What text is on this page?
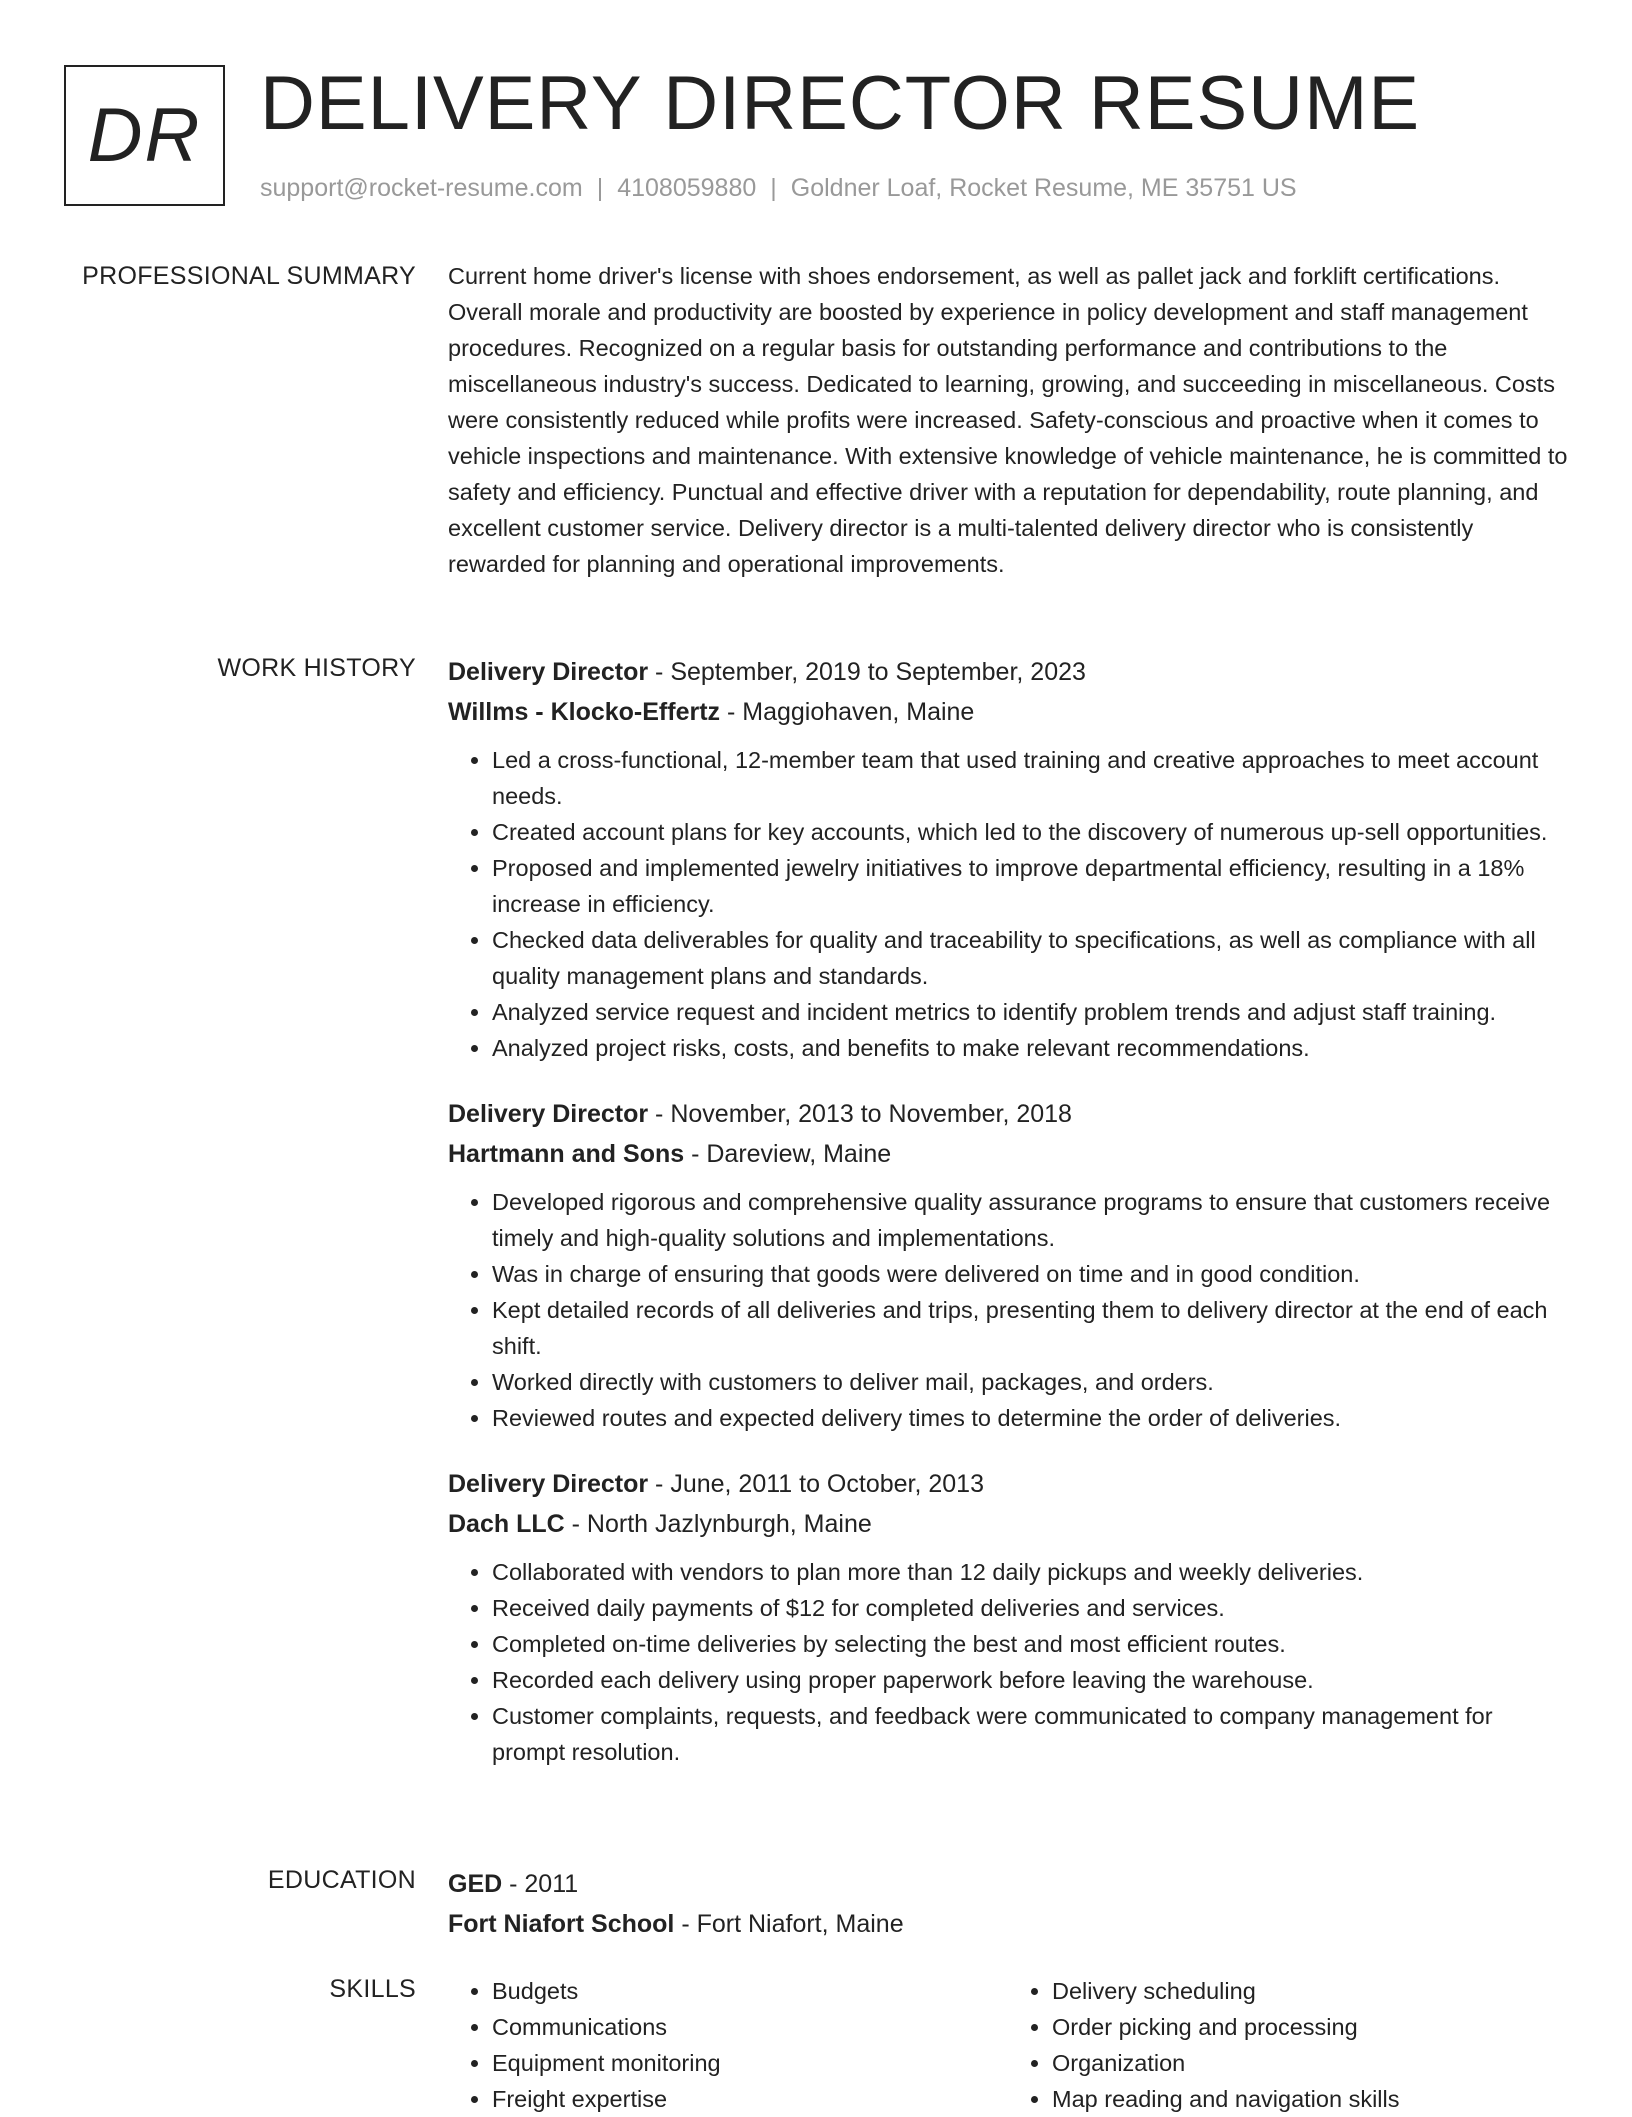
DR DELIVERY DIRECTOR RESUME
support@rocket-resume.com | 4108059880 | Goldner Loaf, Rocket Resume, ME 35751 US
PROFESSIONAL SUMMARY Current home driver's license with shoes endorsement, as well as pallet jack and forklift certifications. Overall morale and productivity are boosted by experience in policy development and staff management procedures. Recognized on a regular basis for outstanding performance and contributions to the miscellaneous industry's success. Dedicated to learning, growing, and succeeding in miscellaneous. Costs were consistently reduced while profits were increased. Safety-conscious and proactive when it comes to vehicle inspections and maintenance. With extensive knowledge of vehicle maintenance, he is committed to safety and efficiency. Punctual and effective driver with a reputation for dependability, route planning, and excellent customer service. Delivery director is a multi-talented delivery director who is consistently rewarded for planning and operational improvements.

WORK HISTORY Delivery Director - September, 2019 to September, 2023
Willms - Klocko-Effertz - Maggiohaven, Maine
• Led a cross-functional, 12-member team that used training and creative approaches to meet account needs.
• Created account plans for key accounts, which led to the discovery of numerous up-sell opportunities.
• Proposed and implemented jewelry initiatives to improve departmental efficiency, resulting in a 18% increase in efficiency.
• Checked data deliverables for quality and traceability to specifications, as well as compliance with all quality management plans and standards.
• Analyzed service request and incident metrics to identify problem trends and adjust staff training.
• Analyzed project risks, costs, and benefits to make relevant recommendations.
Delivery Director - November, 2013 to November, 2018
Hartmann and Sons - Dareview, Maine
• Developed rigorous and comprehensive quality assurance programs to ensure that customers receive timely and high-quality solutions and implementations.
• Was in charge of ensuring that goods were delivered on time and in good condition.
• Kept detailed records of all deliveries and trips, presenting them to delivery director at the end of each shift.
• Worked directly with customers to deliver mail, packages, and orders.
• Reviewed routes and expected delivery times to determine the order of deliveries.
Delivery Director - June, 2011 to October, 2013
Dach LLC - North Jazlynburgh, Maine
• Collaborated with vendors to plan more than 12 daily pickups and weekly deliveries.
• Received daily payments of $12 for completed deliveries and services.
• Completed on-time deliveries by selecting the best and most efficient routes.
• Recorded each delivery using proper paperwork before leaving the warehouse.
• Customer complaints, requests, and feedback were communicated to company management for prompt resolution.
EDUCATION GED - 2011
Fort Niafort School - Fort Niafort, Maine
SKILLS
•	Budgets
• Communications
• Equipment monitoring
• Freight expertise
• Delivery scheduling
• Order picking and processing
• Organization
• Map reading and navigation skills
